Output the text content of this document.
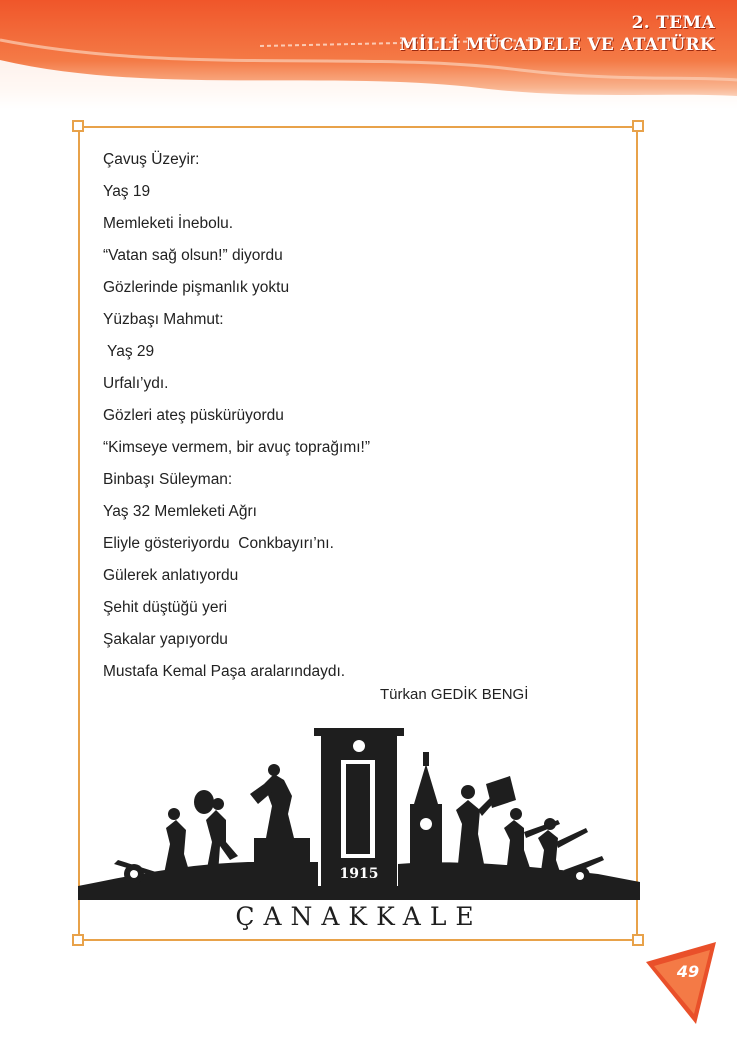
2. TEMA
MİLLİ MÜCADELE VE ATATÜRK
Çavuş Üzeyir:
Yaş 19
Memleketi İnebolu.
“Vatan sağ olsun!” diyordu
Gözlerinde pişmanlık yoktu
Yüzbaşı Mahmut:
Yaş 29
Urfalı’ydı.
Gözleri ateş püskürüyordu
“Kimseye vermem, bir avuç toprağımı!”
Binbaşı Süleyman:
Yaş 32 Memleketi Ağrı
Eliyle gösteriyordu  Conkbayırı’nı.
Gülerek anlatıyordu
Şehit düştüğü yeri
Şakalar yapıyordu
Mustafa Kemal Paşa aralarındaydı.
Türkan GEDİK BENGİ
1915
ÇANAKKALE
49
